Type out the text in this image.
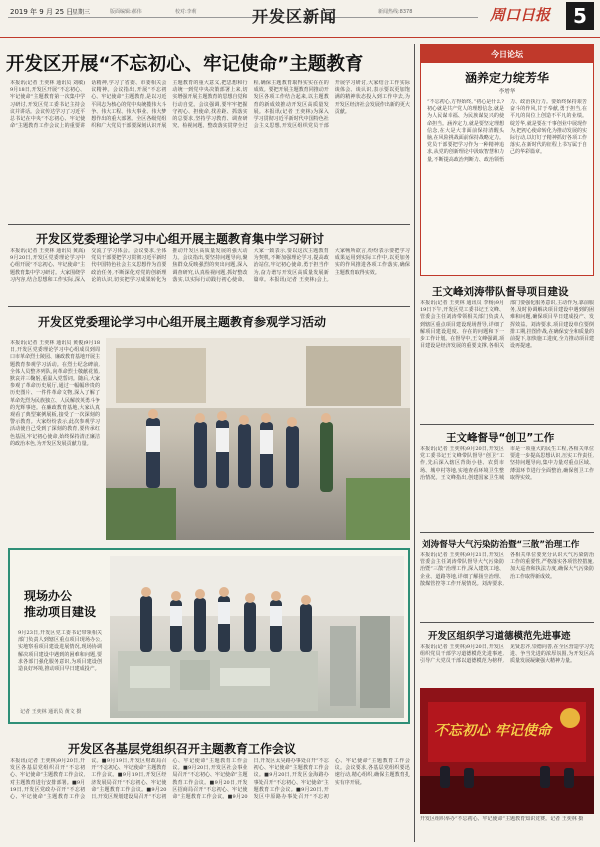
2019 年 9 月 25 日
星期三	版面编辑:郝伟	校对:李莉	开发区新闻	新闻热线:8378	周口日报 5
开发区开展“不忘初心、牢记使命”主题教育
本报讯(记者 王奕林 通讯员 刘敏)9月18日,开发区开展“不忘初心、牢记使命”主题教育第一次集中学习研讨,开发区党工委书记主持会议并讲话。会议传达学习了习近平总书记在中央“不忘初心、牢记使命”主题教育工作会议上的重要讲话精神,学习了省委、市委相关会议精神。会议指出,开展“不忘初心、牢记使命”主题教育,是以习近平同志为核心的党中央统揽伟大斗争、伟大工程、伟大事业、伟大梦想作出的重大部署。全区各级党组织和广大党员干部要深刻认识开展主题教育的重大意义,把思想和行动统一到党中央决策部署上来,切实增强开展主题教育的思想自觉和行动自觉。会议强调,要牢牢把握守初心、担使命,找差距、抓落实的总要求,坚持学习教育、调查研究、检视问题、整改落实贯穿全过程,确保主题教育取得实实在在的成效。要把开展主题教育同推动开发区各项工作结合起来,以主题教育的新成效推动开发区高质量发展。本报讯(记者 王奕林)为深入学习贯彻习近平新时代中国特色社会主义思想,开发区组织党员干部开展学习研讨,大家结合工作实际谈体会、谈认识,表示要以更加饱满的精神状态投入到工作中去,为开发区经济社会发展作出新的更大贡献。
开发区党委理论学习中心组开展主题教育集中学习研讨
本报讯(记者 王奕林 通讯员 黄嵩)9月20日,开发区党委理论学习中心组开展“不忘初心、牢记使命”主题教育集中学习研讨。大家围绕学习内容,结合思想和工作实际,深入交流了学习体会。会议要求,全体党员干部要把学习贯彻习近平新时代中国特色社会主义思想作为首要政治任务,不断深化对党的创新理论的认识,切实把学习成果转化为推动开发区高质量发展的强大动力。会议指出,要坚持问题导向,聚焦群众反映强烈的突出问题,深入调查研究,认真检视问题,抓好整改落实,以实际行动践行初心使命。大家一致表示,要以这次主题教育为契机,不断加强理论学习,提高政治站位,牢记初心使命,勇于担当作为,奋力谱写开发区高质量发展新篇章。本报讯(记者 王奕林)会上,大家畅所欲言,纷纷表示要把学习成果运用到实际工作中,以更加务实的作风推进各项工作落实,确保主题教育取得实效。
开发区党委理论学习中心组开展主题教育参观学习活动
本报讯(记者 王奕林 通讯员 黄俊)9月18日,开发区党委理论学习中心组成员到周口市革命烈士陵园、廉政教育基地开展主题教育参观学习活动。在烈士纪念碑前,全体人员整齐列队,向革命烈士敬献花篮,默哀并三鞠躬,重温入党誓词。随后,大家参观了革命历史展厅,通过一幅幅珍贵的历史图片、一件件革命文物,深入了解了革命先烈为民族独立、人民解放英勇斗争的光辉事迹。在廉政教育基地,大家认真观看了典型案例展板,接受了一次深刻的警示教育。大家纷纷表示,此次参观学习活动使自己受到了深刻的教育,要传承红色基因,牢记初心使命,始终保持清正廉洁的政治本色,为开发区发展贡献力量。
现场办公
推动项目建设
9月23日,开发区党工委书记带领相关部门负责人到辖区重点项目现场办公,实地察看项目建设进展情况,现场协调解决项目建设中遇到的困难和问题,要求各部门强化服务意识,为项目建设创造良好环境,推动项目早日建成投产。
记者 王奕林 通讯员 黄文 摄
开发区各基层党组织召开主题教育工作会议
本报讯(记者 王奕林)9月20日,开发区各基层党组织召开“不忘初心、牢记使命”主题教育工作会议,对主题教育进行安排部署。■9月19日,开发区党政办召开“不忘初心、牢记使命”主题教育工作会议。■9月19日,开发区财政局召开“不忘初心、牢记使命”主题教育工作会议。■9月19日,开发区经济发展局召开“不忘初心、牢记使命”主题教育工作会议。■9月20日,开发区规划建设局召开“不忘初心、牢记使命”主题教育工作会议。■9月20日,开发区社会事业局召开“不忘初心、牢记使命”主题教育工作会议。■9月20日,开发区招商局召开“不忘初心、牢记使命”主题教育工作会议。■9月20日,开发区太昊路办事处召开“不忘初心、牢记使命”主题教育工作会议。■9月20日,开发区金海路办事处召开“不忘初心、牢记使命”主题教育工作会议。■9月20日,开发区中原路办事处召开“不忘初心、牢记使命”主题教育工作会议。会议要求,各基层党组织要迅速行动,精心组织,确保主题教育扎实有序开展。
今日论坛
涵养定力绽芳华
李增华
“不忘初心,方得始终。”初心是什么?初心就是共产党人的理想信念,就是为人民谋幸福、为民族谋复兴的使命担当。涵养定力,就是要坚定理想信念,在大是大非面前保持清醒头脑,在风险挑战面前保持战略定力。党员干部要把学习作为一种精神追求,从党的创新理论中汲取智慧和力量,不断提高政治判断力、政治领悟力、政治执行力。要始终保持艰苦奋斗的作风,甘于奉献,勇于担当,在平凡的岗位上创造不平凡的业绩。绽芳华,就是要在干事创业中展现作为,把初心使命转化为推动发展的实际行动,以钉钉子精神抓好各项工作落实,在新时代的征程上书写属于自己的华彩篇章。
王文峰刘涛带队督导项目建设
本报讯(记者 王奕林 通讯员 李杨)9月19日下午,开发区党工委书记王文峰、管委会主任刘涛带领相关部门负责人到辖区重点项目建设现场督导,详细了解项目建设进度、存在的问题和下一步工作计划。在督导中,王文峰强调,项目建设是经济发展的重要支撑,各相关部门要强化服务意识,主动作为,靠前服务,及时协调解决项目建设中遇到的困难和问题,确保项目早日建成投产、发挥效益。刘涛要求,项目建设单位要倒排工期,挂图作战,在确保安全和质量的前提下,加快施工进度,全力推动项目建设再提速。
王文峰督导“创卫”工作
本报讯(记者 王奕林)9月20日,开发区党工委书记王文峰带队督导“创卫”工作,先后深入辖区背街小巷、农贸市场、城中村等地,实地查看环境卫生整治情况。王文峰指出,创建国家卫生城市是一项重大的民生工程,各相关单位要进一步提高思想认识,压实工作责任,坚持问题导向,集中力量对重点区域、薄弱环节进行全面整治,确保创卫工作取得实效。
刘涛督导大气污染防治暨“三散”治理工作
本报讯(记者 王奕林)9月21日,开发区管委会主任刘涛带队督导大气污染防治暨“三散”治理工作,深入建筑工地、企业、道路等地,详细了解扬尘治理、散煤管控等工作开展情况。刘涛要求,各相关单位要充分认识大气污染防治工作的重要性,严格落实各项管控措施,加大巡查和执法力度,确保大气污染防治工作取得新成效。
开发区组织学习道德模范先进事迹
本报讯(记者 王奕林)9月20日,开发区组织党员干部学习道德模范先进事迹,引导广大党员干部以道德模范为榜样,见贤思齐,崇德向善,在全区营造学习先进、争当先进的浓厚氛围,为开发区高质量发展凝聚强大精神力量。
不忘初心 牢记使命
开发区组织举办“不忘初心、牢记使命”主题教育知识竞赛。记者 王奕林 摄
